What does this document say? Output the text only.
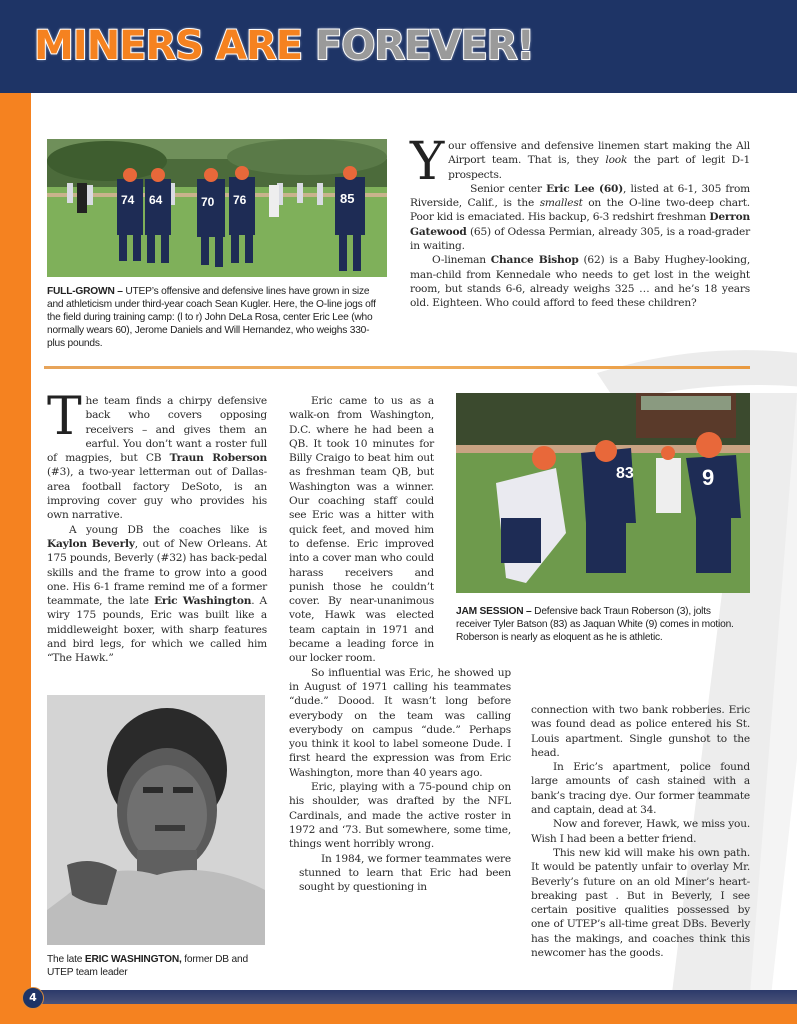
MINERS ARE FOREVER!
74 64	70 76	85
FULL-GROWN – UTEP’s offensive and defensive lines have grown in size and athleticism under third-year coach Sean Kugler. Here, the O-line jogs off the field during training camp: (l to r) John DeLa Rosa, center Eric Lee (who normally wears 60), Jerome Daniels and Will Hernandez, who weighs 330-plus pounds.

Your offensive and defensive linemen start making the All Airport team. That is, they look the part of legit D-1 prospects.

Senior center Eric Lee (60), listed at 6-1, 305 from Riverside, Calif., is the smallest on the O-line two-deep chart. Poor kid is emaciated. His backup, 6-3 redshirt freshman Derron Gatewood (65) of Odessa Permian, already 305, is a road-grader in waiting.

O-lineman Chance Bishop (62) is a Baby Hughey-looking, man-child from Kennedale who needs to get lost in the weight room, but stands 6-6, already weighs 325 … and he’s 18 years old. Eighteen. Who could afford to feed these children?

The team finds a chirpy defensive back who covers opposing receivers – and gives them an earful. You don’t want a roster full of magpies, but CB Traun Roberson (#3), a two-year letterman out of Dallas-area football factory DeSoto, is an improving cover guy who provides his own narrative.

A young DB the coaches like is Kaylon Beverly, out of New Orleans. At 175 pounds, Beverly (#32) has back-pedal skills and the frame to grow into a good one. His 6-1 frame remind me of a former teammate, the late Eric Washington. A wiry 175 pounds, Eric was built like a middleweight boxer, with sharp features and bird legs, for which we called him “The Hawk.”

The late ERIC WASHINGTON, former DB and UTEP team leader

Eric came to us as a walk-on from Washington, D.C. where he had been a QB. It took 10 minutes for Billy Craigo to beat him out as freshman team QB, but Washington was a winner. Our coaching staff could see Eric was a hitter with quick feet, and moved him to defense. Eric improved into a cover man who could harass receivers and punish those he couldn’t cover. By near-unanimous vote, Hawk was elected team captain in 1971 and became a leading force in our locker room.

So influential was Eric, he showed up in August of 1971 calling his teammates “dude.” Doood. It wasn’t long before everybody on the team was calling everybody on campus “dude.” Perhaps you think it kool to label someone Dude. I first heard the expression was from Eric Washington, more than 40 years ago.

Eric, playing with a 75-pound chip on his shoulder, was drafted by the NFL Cardinals, and made the active roster in 1972 and ‘73. But somewhere, some time, things went horribly wrong.

In 1984, we former teammates were stunned to learn that Eric had been sought by questioning in

83	9
JAM SESSION – Defensive back Traun Roberson (3), jolts receiver Tyler Batson (83) as Jaquan White (9) comes in motion. Roberson is nearly as eloquent as he is athletic.

connection with two bank robberies. Eric was found dead as police entered his St. Louis apartment. Single gunshot to the head.

In Eric’s apartment, police found large amounts of cash stained with a bank’s tracing dye. Our former teammate and captain, dead at 34.

Now and forever, Hawk, we miss you. Wish I had been a better friend.

This new kid will make his own path. It would be patently unfair to overlay Mr. Beverly’s future on an old Miner’s heart-breaking past . But in Beverly, I see certain positive qualities possessed by one of UTEP’s all-time great DBs. Beverly has the makings, and coaches think this newcomer has the goods.

4
